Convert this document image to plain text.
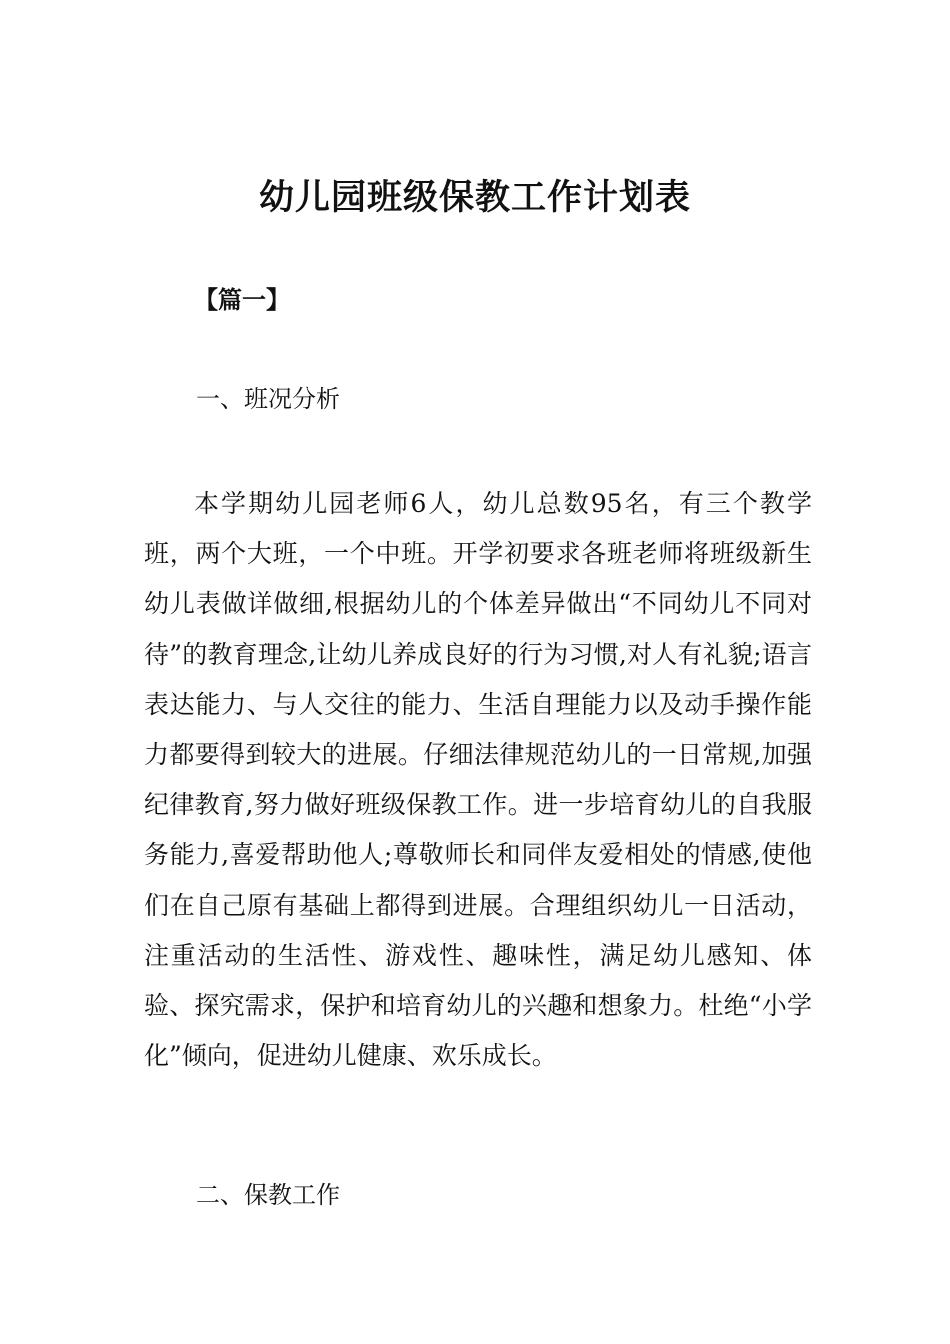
幼儿园班级保教工作计划表
【篇一】
一、班况分析

本学期幼儿园老师6人，幼儿总数95名，有三个教学班，两个大班，一个中班。开学初要求各班老师将班级新生幼儿表做详做细,根据幼儿的个体差异做出“不同幼儿不同对待”的教育理念,让幼儿养成良好的行为习惯,对人有礼貌;语言表达能力、与人交往的能力、生活自理能力以及动手操作能力都要得到较大的进展。仔细法律规范幼儿的一日常规,加强纪律教育,努力做好班级保教工作。进一步培育幼儿的自我服务能力,喜爱帮助他人;尊敬师长和同伴友爱相处的情感,使他们在自己原有基础上都得到进展。合理组织幼儿一日活动，注重活动的生活性、游戏性、趣味性，满足幼儿感知、体验、探究需求，保护和培育幼儿的兴趣和想象力。杜绝“小学化”倾向，促进幼儿健康、欢乐成长。

二、保教工作
